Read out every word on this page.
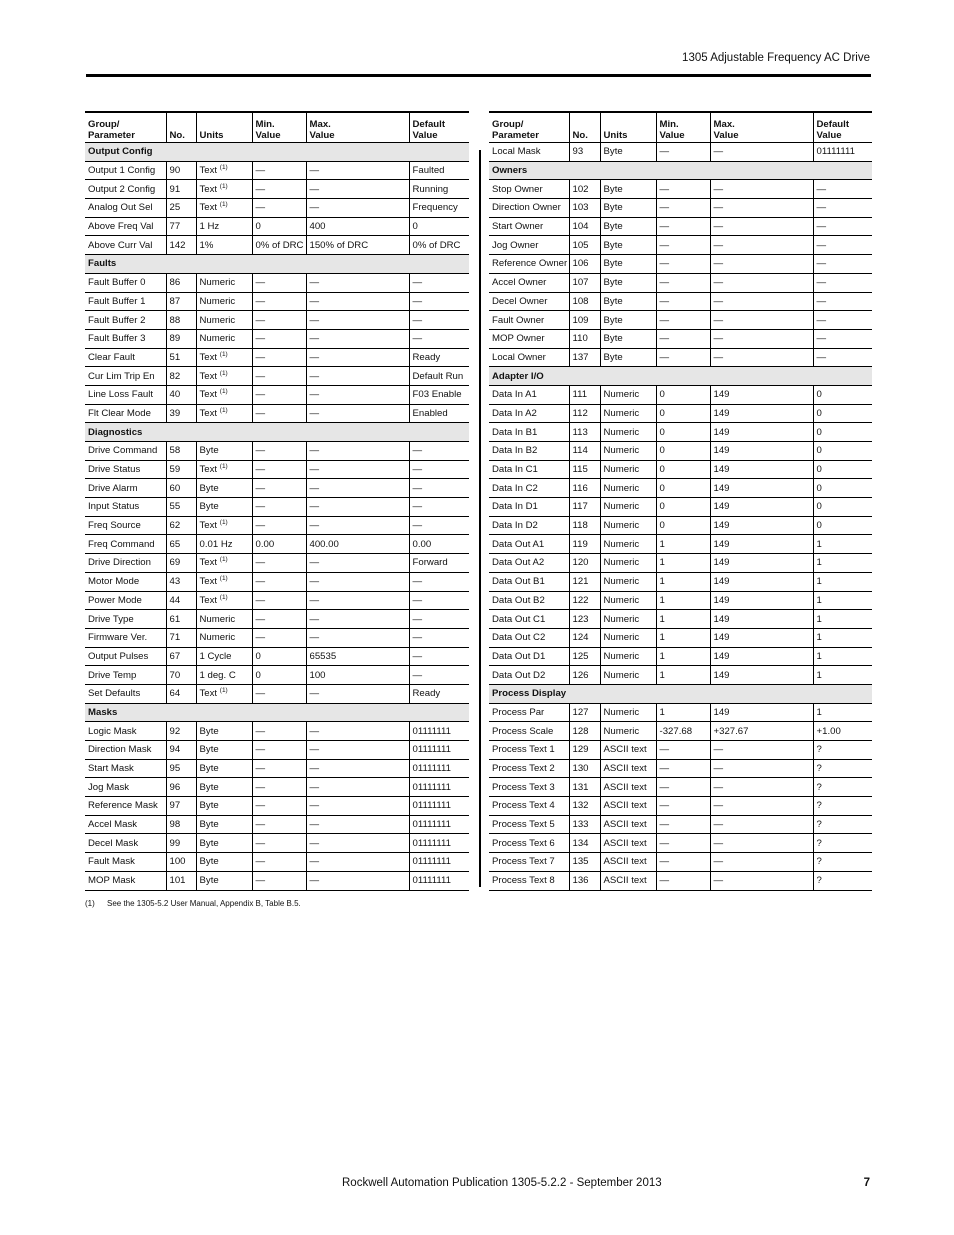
1305 Adjustable Frequency AC Drive
Group/
Parameter	No.	Units	Min.
Value	Max.
Value	Default
Value
Output Config					
Output 1 Config	90	Text $^{(1)}$	—	—	Faulted
Output 2 Config	91	Text $^{(1)}$	—	—	Running
Analog Out Sel	25	Text $^{(1)}$	—	—	Frequency
Above Freq Val	77	1 Hz	0	400	0
Above Curr Val	142	1%	0% of DRC	150% of DRC	0% of DRC
Faults					
Fault Buffer 0	86	Numeric	—	—	—
Fault Buffer 1	87	Numeric	—	—	—
Fault Buffer 2	88	Numeric	—	—	—
Fault Buffer 3	89	Numeric	—	—	—
Clear Fault	51	Text $^{(1)}$	—	—	Ready
Cur Lim Trip En	82	Text $^{(1)}$	—	—	Default Run
Line Loss Fault	40	Text $^{(1)}$	—	—	F03 Enable
Flt Clear Mode	39	Text $^{(1)}$	—	—	Enabled
Diagnostics					
Drive Command	58	Byte	—	—	—
Drive Status	59	Text $^{(1)}$	—	—	—
Drive Alarm	60	Byte	—	—	—
Input Status	55	Byte	—	—	—
Freq Source	62	Text $^{(1)}$	—	—	—
Freq Command	65	0.01 Hz	0.00	400.00	0.00
Drive Direction	69	Text $^{(1)}$	—	—	Forward
Motor Mode	43	Text $^{(1)}$	—	—	—
Power Mode	44	Text $^{(1)}$	—	—	—
Drive Type	61	Numeric	—	—	—
Firmware Ver.	71	Numeric	—	—	—
Output Pulses	67	1 Cycle	0	65535	—
Drive Temp	70	1 deg. C	0	100	—
Set Defaults	64	Text $^{(1)}$	—	—	Ready
Masks					
Logic Mask	92	Byte	—	—	01111111
Direction Mask	94	Byte	—	—	01111111
Start Mask	95	Byte	—	—	01111111
Jog Mask	96	Byte	—	—	01111111
Reference Mask	97	Byte	—	—	01111111
Accel Mask	98	Byte	—	—	01111111
Decel Mask	99	Byte	—	—	01111111
Fault Mask	100	Byte	—	—	01111111
MOP Mask	101	Byte	—	—	01111111
Group/
Parameter	No.	Units	Min.
Value	Max.
Value	Default
Value
Local Mask	93	Byte	—	—	01111111
Owners					
Stop Owner	102	Byte	—	—	—
Direction Owner	103	Byte	—	—	—
Start Owner	104	Byte	—	—	—
Jog Owner	105	Byte	—	—	—
Reference Owner	106	Byte	—	—	—
Accel Owner	107	Byte	—	—	—
Decel Owner	108	Byte	—	—	—
Fault Owner	109	Byte	—	—	—
MOP Owner	110	Byte	—	—	—
Local Owner	137	Byte	—	—	—
Adapter I/O					
Data In A1	111	Numeric	0	149	0
Data In A2	112	Numeric	0	149	0
Data In B1	113	Numeric	0	149	0
Data In B2	114	Numeric	0	149	0
Data In C1	115	Numeric	0	149	0
Data In C2	116	Numeric	0	149	0
Data In D1	117	Numeric	0	149	0
Data In D2	118	Numeric	0	149	0
Data Out A1	119	Numeric	1	149	1
Data Out A2	120	Numeric	1	149	1
Data Out B1	121	Numeric	1	149	1
Data Out B2	122	Numeric	1	149	1
Data Out C1	123	Numeric	1	149	1
Data Out C2	124	Numeric	1	149	1
Data Out D1	125	Numeric	1	149	1
Data Out D2	126	Numeric	1	149	1
Process Display					
Process Par	127	Numeric	1	149	1
Process Scale	128	Numeric	-327.68	+327.67	+1.00
Process Text 1	129	ASCII text	—	—	?
Process Text 2	130	ASCII text	—	—	?
Process Text 3	131	ASCII text	—	—	?
Process Text 4	132	ASCII text	—	—	?
Process Text 5	133	ASCII text	—	—	?
Process Text 6	134	ASCII text	—	—	?
Process Text 7	135	ASCII text	—	—	?
Process Text 8	136	ASCII text	—	—	?
(1) See the 1305-5.2 User Manual, Appendix B, Table B.5.
Rockwell Automation Publication 1305-5.2.2 - September 2013	7
